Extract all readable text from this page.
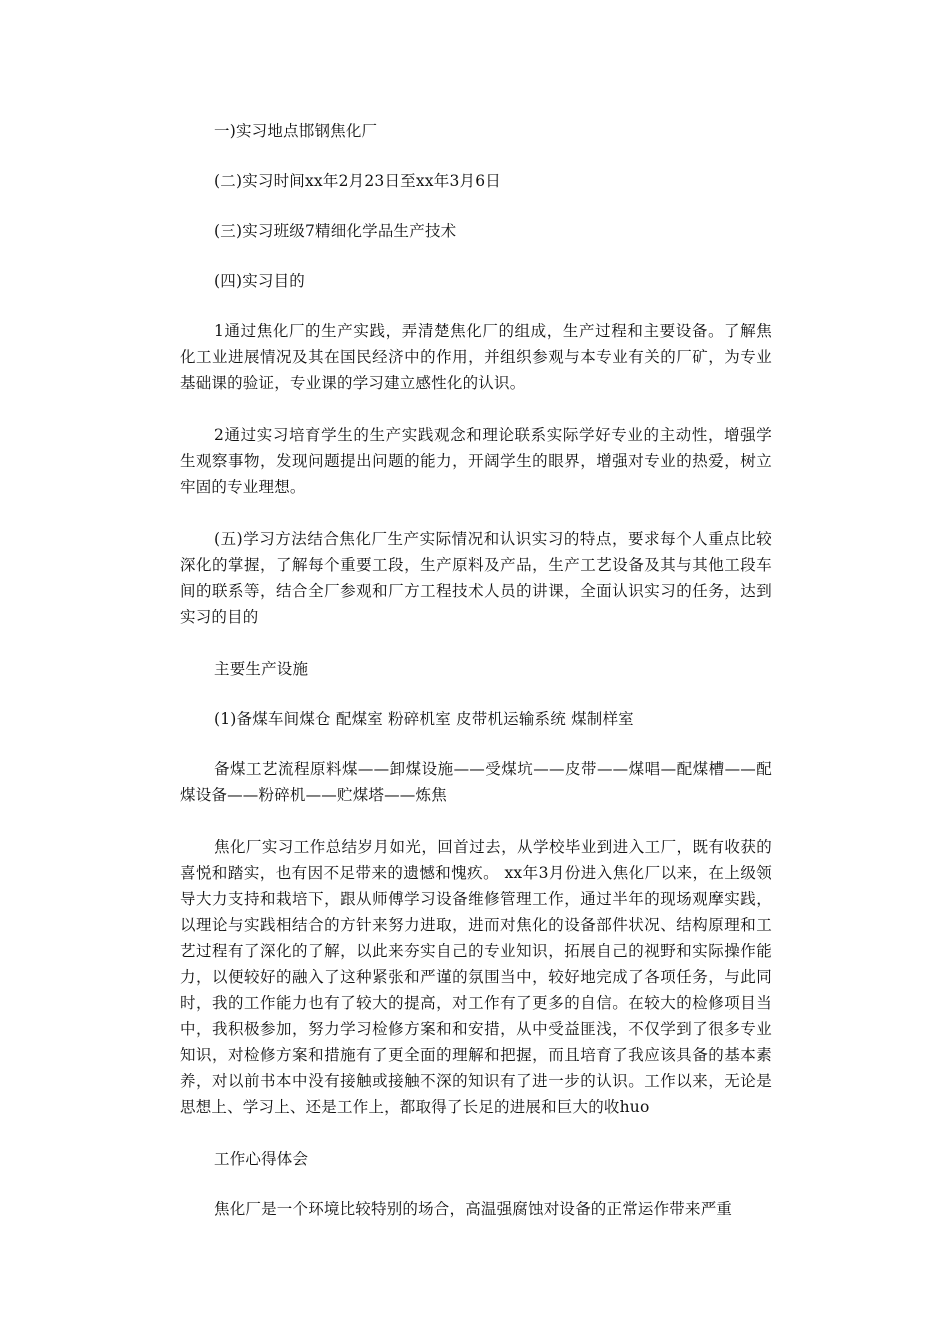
一)实习地点邯钢焦化厂

(二)实习时间xx年2月23日至xx年3月6日

(三)实习班级7精细化学品生产技术

(四)实习目的

1通过焦化厂的生产实践，弄清楚焦化厂的组成，生产过程和主要设备。了解焦化工业进展情况及其在国民经济中的作用，并组织参观与本专业有关的厂矿，为专业基础课的验证，专业课的学习建立感性化的认识。

2通过实习培育学生的生产实践观念和理论联系实际学好专业的主动性，增强学生观察事物，发现问题提出问题的能力，开阔学生的眼界，增强对专业的热爱，树立牢固的专业理想。

(五)学习方法结合焦化厂生产实际情况和认识实习的特点，要求每个人重点比较深化的掌握，了解每个重要工段，生产原料及产品，生产工艺设备及其与其他工段车间的联系等，结合全厂参观和厂方工程技术人员的讲课，全面认识实习的任务，达到实习的目的

主要生产设施

(1)备煤车间煤仓 配煤室 粉碎机室 皮带机运输系统 煤制样室

备煤工艺流程原料煤——卸煤设施——受煤坑——皮带——煤唱—配煤槽——配煤设备——粉碎机——贮煤塔——炼焦

焦化厂实习工作总结岁月如光，回首过去，从学校毕业到进入工厂，既有收获的喜悦和踏实，也有因不足带来的遗憾和愧疚。 xx年3月份进入焦化厂以来，在上级领导大力支持和栽培下，跟从师傅学习设备维修管理工作，通过半年的现场观摩实践，以理论与实践相结合的方针来努力进取，进而对焦化的设备部件状况、结构原理和工艺过程有了深化的了解，以此来夯实自己的专业知识，拓展自己的视野和实际操作能力，以便较好的融入了这种紧张和严谨的氛围当中，较好地完成了各项任务，与此同时，我的工作能力也有了较大的提高，对工作有了更多的自信。在较大的检修项目当中，我积极参加，努力学习检修方案和和安措，从中受益匪浅，不仅学到了很多专业知识，对检修方案和措施有了更全面的理解和把握，而且培育了我应该具备的基本素养，对以前书本中没有接触或接触不深的知识有了进一步的认识。工作以来，无论是思想上、学习上、还是工作上，都取得了长足的进展和巨大的收huo

工作心得体会

焦化厂是一个环境比较特别的场合，高温强腐蚀对设备的正常运作带来严重
